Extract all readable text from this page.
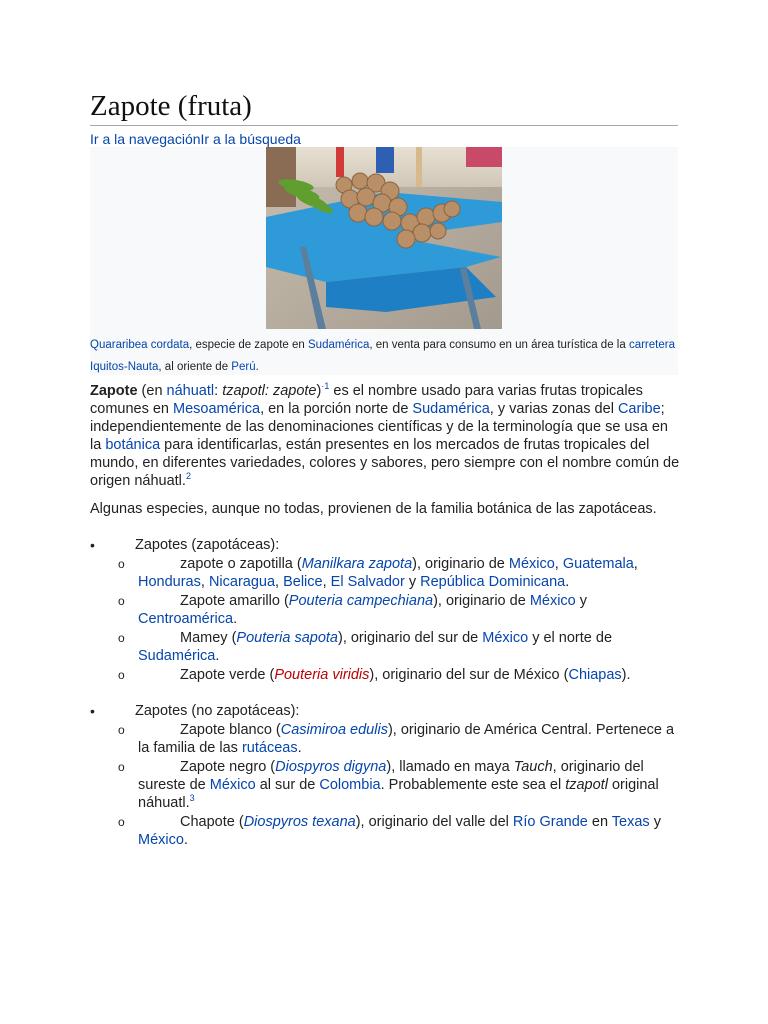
Zapote (fruta)
Ir a la navegaciónIr a la búsqueda
Quararibea cordata, especie de zapote en Sudamérica, en venta para consumo en un área turística de la carretera Iquitos-Nauta, al oriente de Perú.

Zapote (en náhuatl: tzapotl: zapote)$^{\cdot 1}$ es el nombre usado para varias frutas tropicales comunes en Mesoamérica, en la porción norte de Sudamérica, y varias zonas del Caribe; independientemente de las denominaciones científicas y de la terminología que se usa en la botánica para identificarlas, están presentes en los mercados de frutas tropicales del mundo, en diferentes variedades, colores y sabores, pero siempre con el nombre común de origen náhuatl.$^2$

Algunas especies, aunque no todas, provienen de la familia botánica de las zapotáceas.

• Zapotes (zapotáceas):
o zapote o zapotilla (Manilkara zapota), originario de México, Guatemala, Honduras, Nicaragua, Belice, El Salvador y República Dominicana.
o Zapote amarillo (Pouteria campechiana), originario de México y Centroamérica.
o Mamey (Pouteria sapota), originario del sur de México y el norte de Sudamérica.
o Zapote verde (Pouteria viridis), originario del sur de México (Chiapas).
• Zapotes (no zapotáceas):
o Zapote blanco (Casimiroa edulis), originario de América Central. Pertenece a la familia de las rutáceas.
o Zapote negro (Diospyros digyna), llamado en maya Tauch, originario del sureste de México al sur de Colombia. Probablemente este sea el tzapotl original náhuatl.$^3$
o Chapote (Diospyros texana), originario del valle del Río Grande en Texas y México.
